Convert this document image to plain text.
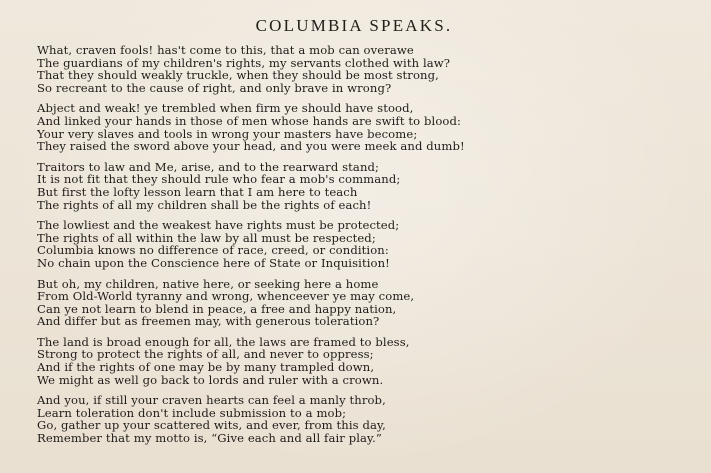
COLUMBIA SPEAKS.
What, craven fools! has't come to this, that a mob can overawe
The guardians of my children's rights, my servants clothed with law?
That they should weakly truckle, when they should be most strong,
So recreant to the cause of right, and only brave in wrong?
Abject and weak! ye trembled when firm ye should have stood,
And linked your hands in those of men whose hands are swift to blood:
Your very slaves and tools in wrong your masters have become;
They raised the sword above your head, and you were meek and dumb!
Traitors to law and Me, arise, and to the rearward stand;
It is not fit that they should rule who fear a mob's command;
But first the lofty lesson learn that I am here to teach
The rights of all my children shall be the rights of each!
The lowliest and the weakest have rights must be protected;
The rights of all within the law by all must be respected;
Columbia knows no difference of race, creed, or condition:
No chain upon the Conscience here of State or Inquisition!
But oh, my children, native here, or seeking here a home
From Old-World tyranny and wrong, whenceever ye may come,
Can ye not learn to blend in peace, a free and happy nation,
And differ but as freemen may, with generous toleration?
The land is broad enough for all, the laws are framed to bless,
Strong to protect the rights of all, and never to oppress;
And if the rights of one may be by many trampled down,
We might as well go back to lords and ruler with a crown.
And you, if still your craven hearts can feel a manly throb,
Learn toleration don't include submission to a mob;
Go, gather up your scattered wits, and ever, from this day,
Remember that my motto is, “Give each and all fair play.”
